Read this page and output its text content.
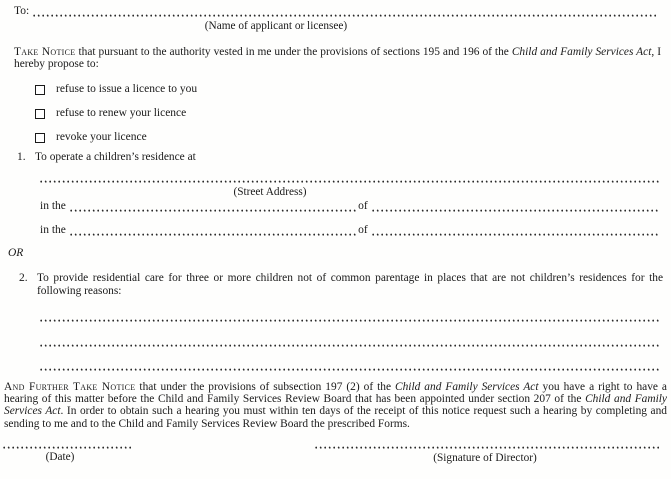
To:
(Name of applicant or licensee)
Take Notice that pursuant to the authority vested in me under the provisions of sections 195 and 196 of the Child and Family Services Act, I hereby propose to:
refuse to issue a licence to you
refuse to renew your licence
revoke your licence
1. To operate a children’s residence at
(Street Address)
in the	of
in the	of
OR
2. To provide residential care for three or more children not of common parentage in places that are not children’s residences for the following reasons:
And Further Take Notice that under the provisions of subsection 197 (2) of the Child and Family Services Act you have a right to have a hearing of this matter before the Child and Family Services Review Board that has been appointed under section 207 of the Child and Family Services Act. In order to obtain such a hearing you must within ten days of the receipt of this notice request such a hearing by completing and sending to me and to the Child and Family Services Review Board the prescribed Forms.
(Date)	(Signature of Director)
